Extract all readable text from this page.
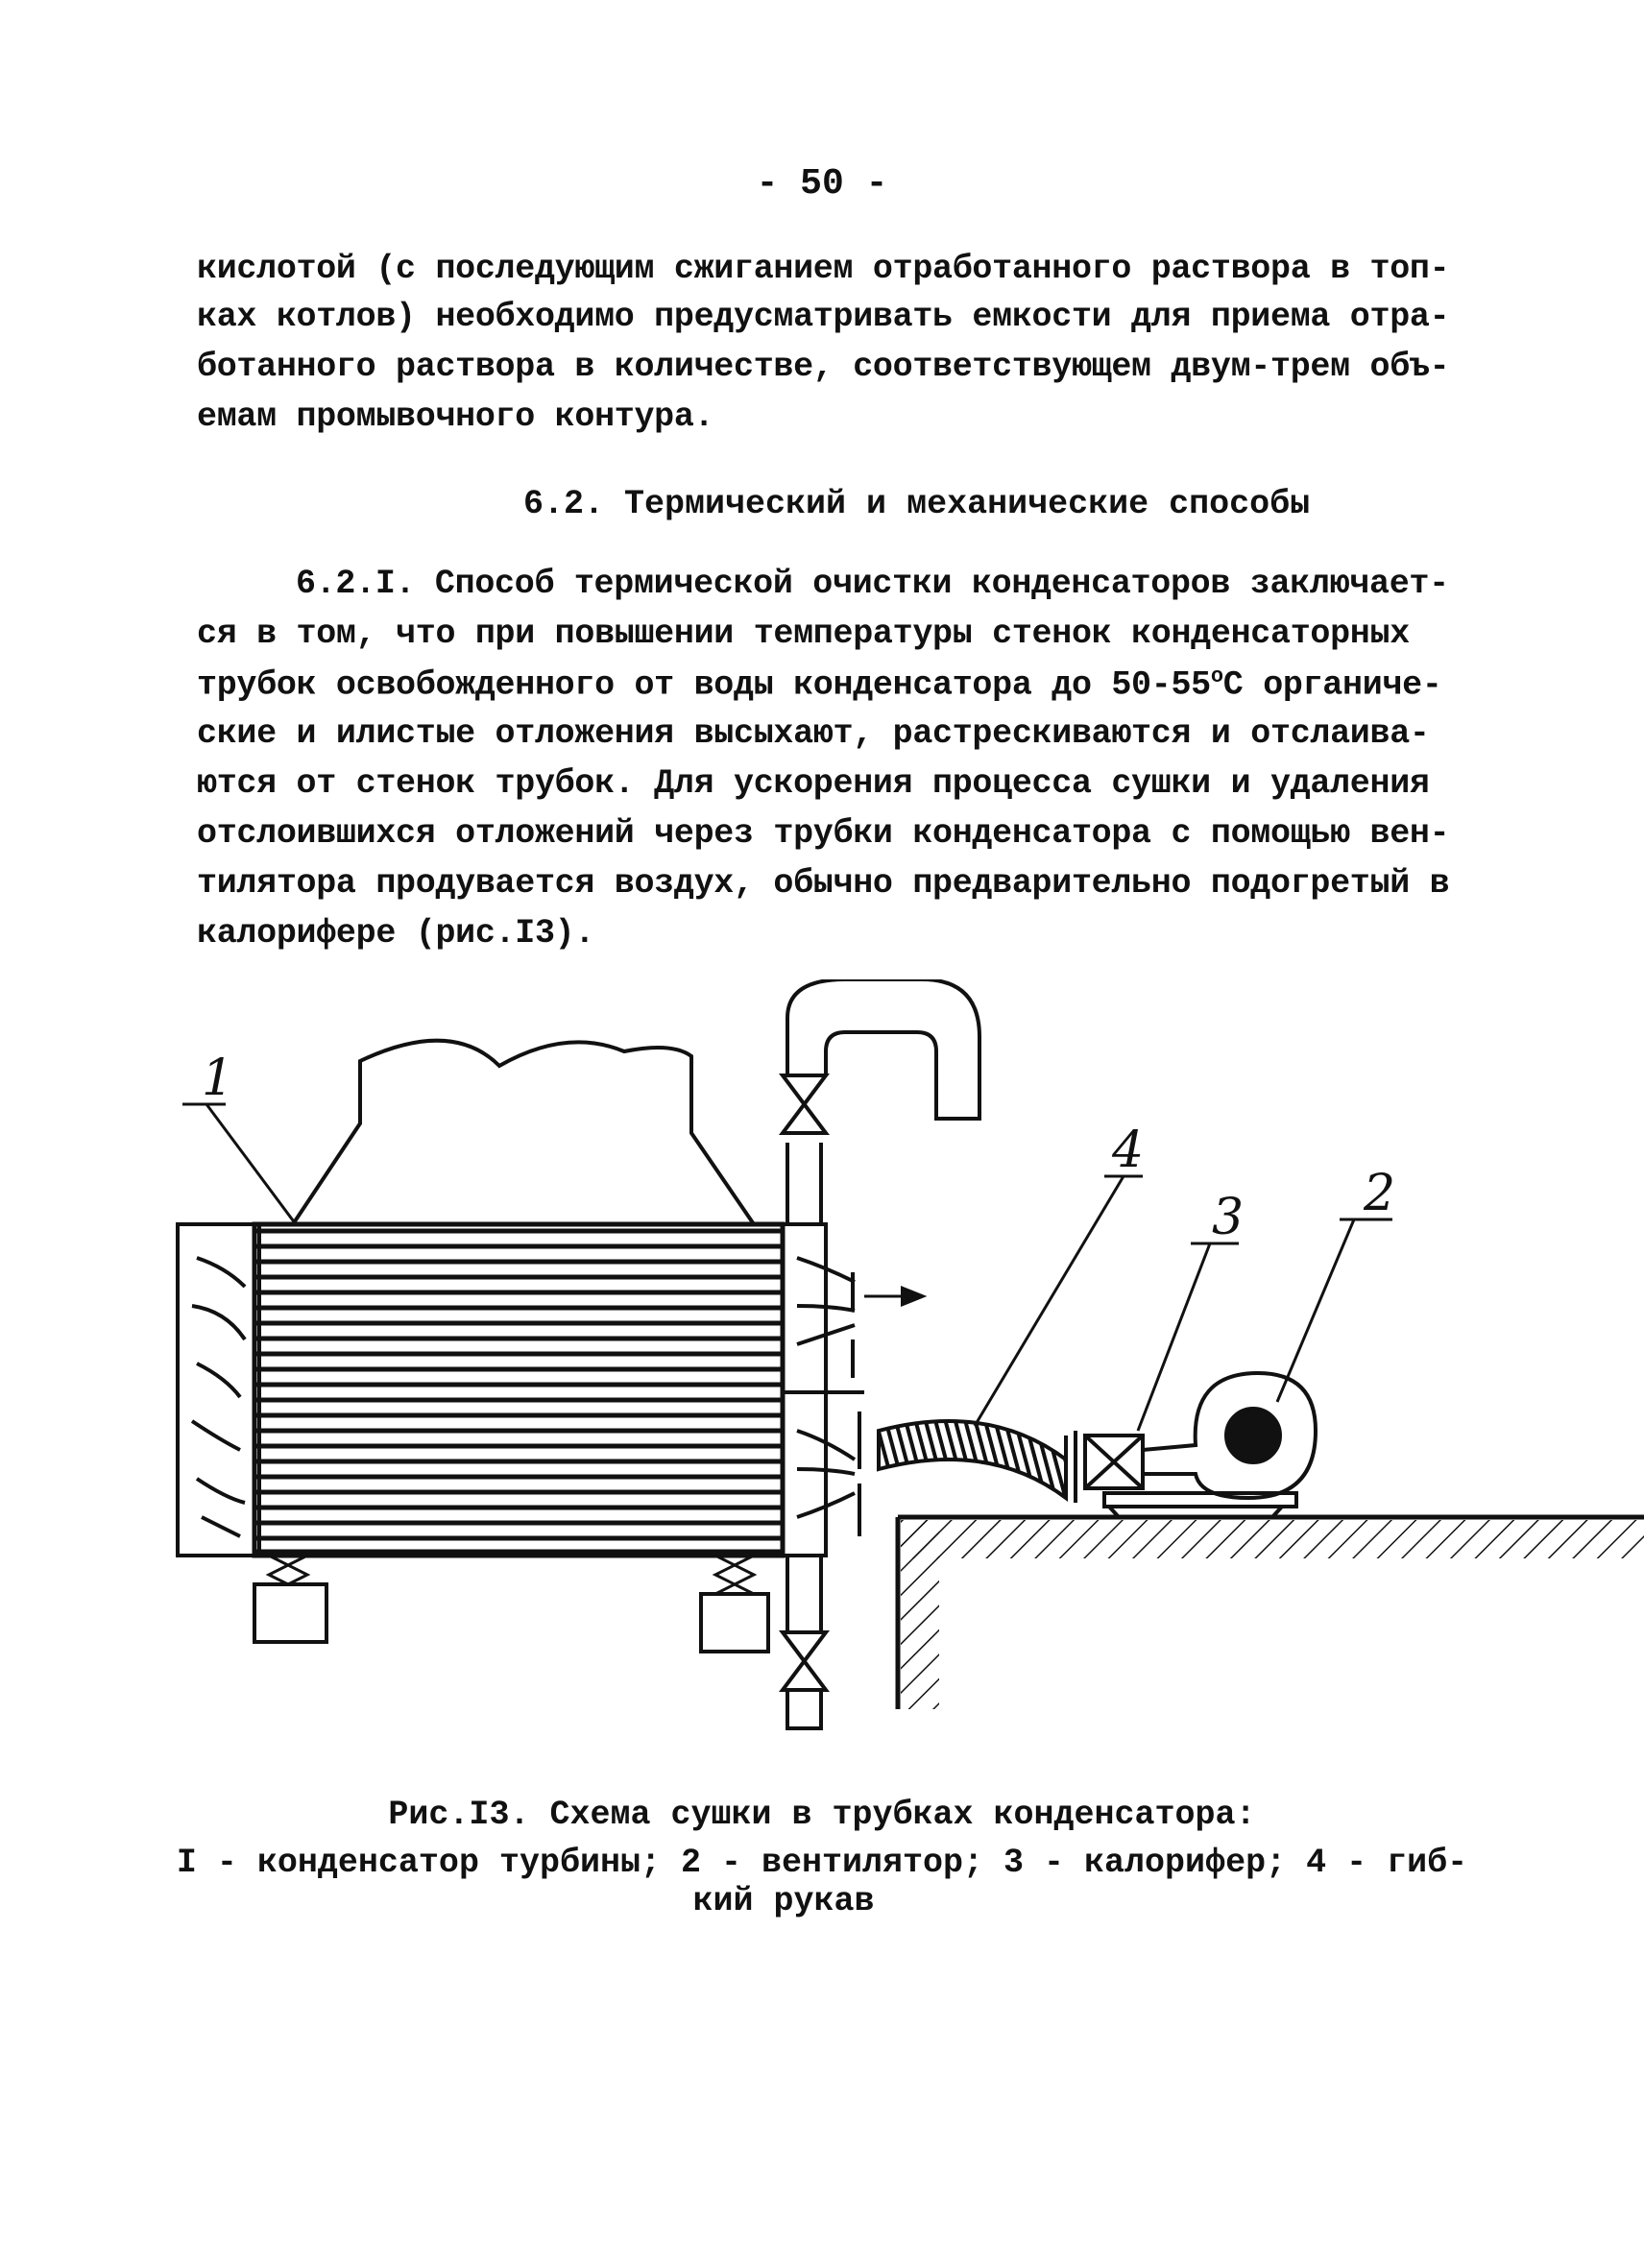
- 50 -
кислотой (с последующим сжиганием отработанного раствора в топ-
ках котлов) необходимо предусматривать емкости для приема отра-
ботанного раствора в количестве, соответствующем двум-трем объ-
емам промывочного контура.
6.2. Термический и механические способы
6.2.I. Способ термической очистки конденсаторов заключает-
ся в том, что при повышении температуры стенок конденсаторных
трубок освобожденного от воды конденсатора до 50-55$^o$С органиче-
ские и илистые отложения высыхают, растрескиваются и отслаива-
ются от стенок трубок. Для ускорения процесса сушки и удаления
отслоившихся отложений через трубки конденсатора с помощью вен-
тилятора продувается воздух, обычно предварительно подогретый в
калорифере (рис.I3).
1
2
3
4
Рис.I3. Схема сушки в трубках конденсатора:
I - конденсатор турбины; 2 - вентилятор; 3 - калорифер; 4 - гиб-
кий рукав
